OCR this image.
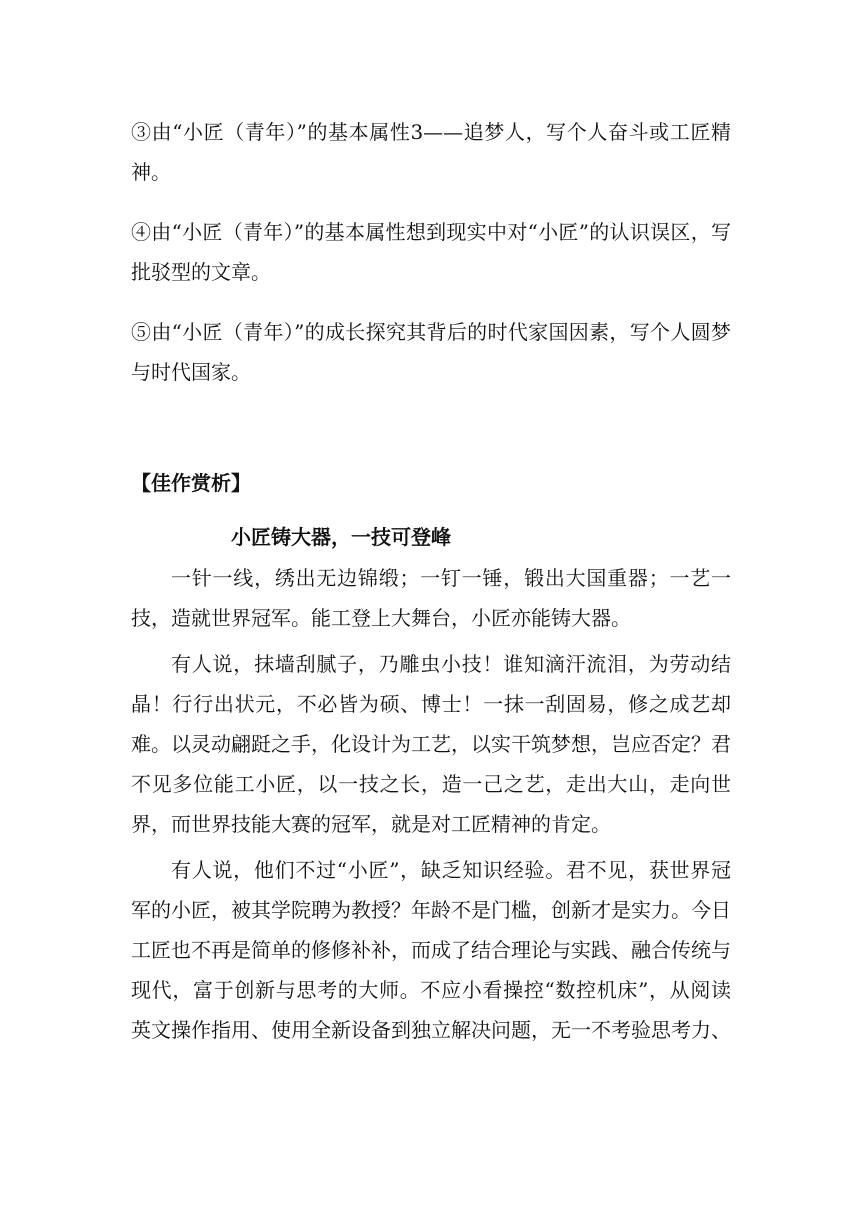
③由“小匠（青年）”的基本属性3——追梦人，写个人奋斗或工匠精神。

④由“小匠（青年）”的基本属性想到现实中对“小匠”的认识误区，写批驳型的文章。

⑤由“小匠（青年）”的成长探究其背后的时代家国因素，写个人圆梦与时代国家。

【佳作赏析】
小匠铸大器，一技可登峰

一针一线，绣出无边锦缎；一钉一锤，锻出大国重器；一艺一技，造就世界冠军。能工登上大舞台，小匠亦能铸大器。

有人说，抹墙刮腻子，乃雕虫小技！谁知滴汗流泪，为劳动结晶！行行出状元，不必皆为硕、博士！一抹一刮固易，修之成艺却难。以灵动翩跹之手，化设计为工艺，以实干筑梦想，岂应否定？君不见多位能工小匠，以一技之长，造一己之艺，走出大山，走向世界，而世界技能大赛的冠军，就是对工匠精神的肯定。

有人说，他们不过“小匠”，缺乏知识经验。君不见，获世界冠军的小匠，被其学院聘为教授？年龄不是门槛，创新才是实力。今日工匠也不再是简单的修修补补，而成了结合理论与实践、融合传统与现代，富于创新与思考的大师。不应小看操控“数控机床”，从阅读英文操作指用、使用全新设备到独立解决问题，无一不考验思考力、
